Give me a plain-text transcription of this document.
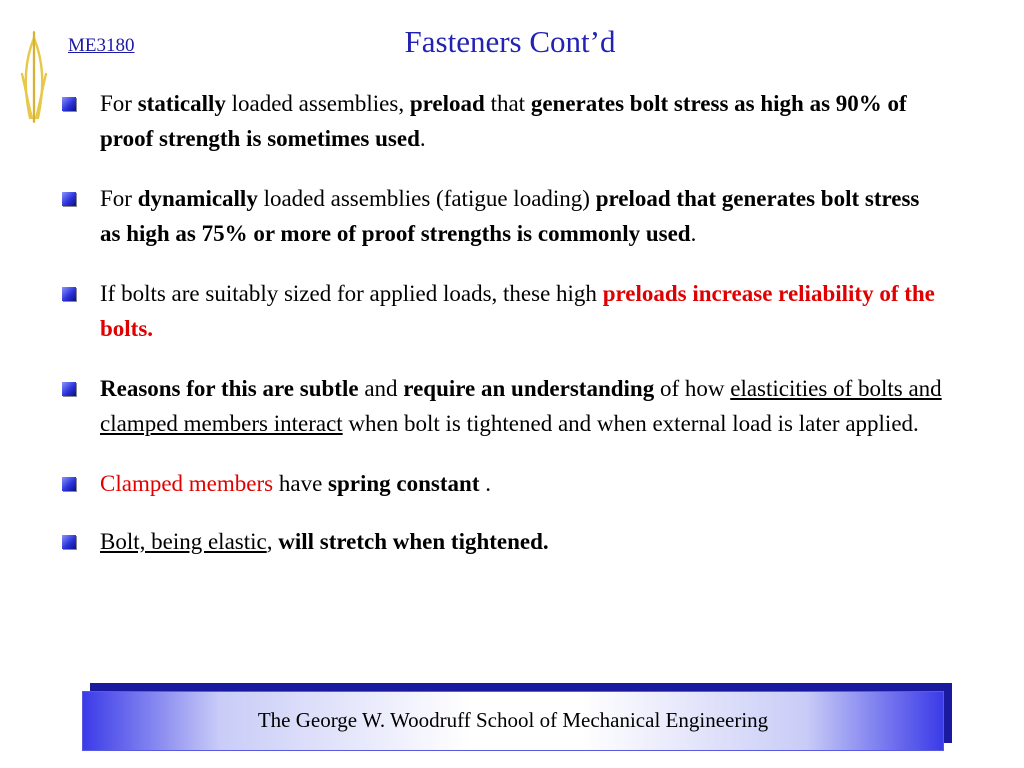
ME3180	Fasteners Cont’d
For statically loaded assemblies, preload that generates bolt stress as high as 90% of proof strength is sometimes used.
For dynamically loaded assemblies (fatigue loading) preload that generates bolt stress as high as 75% or more of proof strengths is commonly used.
If bolts are suitably sized for applied loads, these high preloads increase reliability of the bolts.
Reasons for this are subtle and require an understanding of how elasticities of bolts and clamped members interact when bolt is tightened and when external load is later applied.
Clamped members have spring constant .
Bolt, being elastic, will stretch when tightened.
The George W. Woodruff School of Mechanical Engineering
